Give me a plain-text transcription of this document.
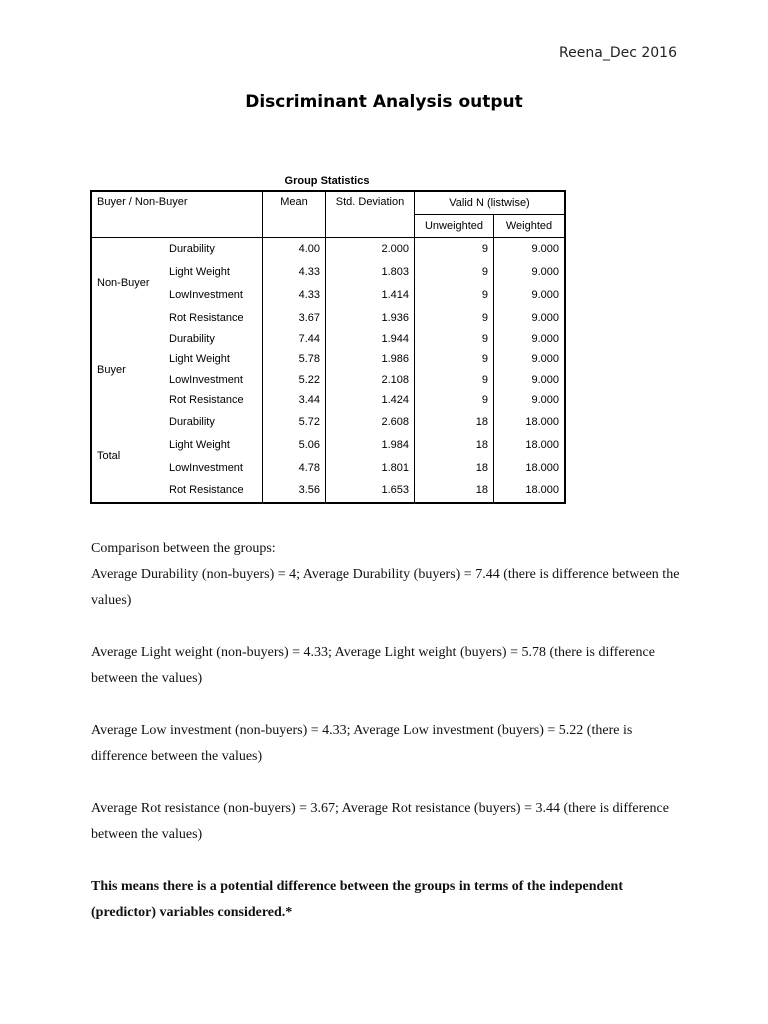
Reena_Dec 2016
Discriminant Analysis output
Group Statistics
Buyer / Non-Buyer		Mean	Std. Deviation	Valid N (listwise)	
				Unweighted	Weighted
Non-Buyer	Durability	4.00	2.000	9	9.000
	Light Weight	4.33	1.803	9	9.000
	LowInvestment	4.33	1.414	9	9.000
	Rot Resistance	3.67	1.936	9	9.000
Buyer	Durability	7.44	1.944	9	9.000
	Light Weight	5.78	1.986	9	9.000
	LowInvestment	5.22	2.108	9	9.000
	Rot Resistance	3.44	1.424	9	9.000
Total	Durability	5.72	2.608	18	18.000
	Light Weight	5.06	1.984	18	18.000
	LowInvestment	4.78	1.801	18	18.000
	Rot Resistance	3.56	1.653	18	18.000

Comparison between the groups:

Average Durability (non-buyers) = 4; Average Durability (buyers) = 7.44 (there is difference between the values)

Average Light weight (non-buyers) = 4.33; Average Light weight (buyers) = 5.78 (there is difference between the values)

Average Low investment (non-buyers) = 4.33; Average Low investment (buyers) = 5.22 (there is difference between the values)

Average Rot resistance (non-buyers) = 3.67; Average Rot resistance (buyers) = 3.44 (there is difference between the values)

This means there is a potential difference between the groups in terms of the independent (predictor) variables considered.*
